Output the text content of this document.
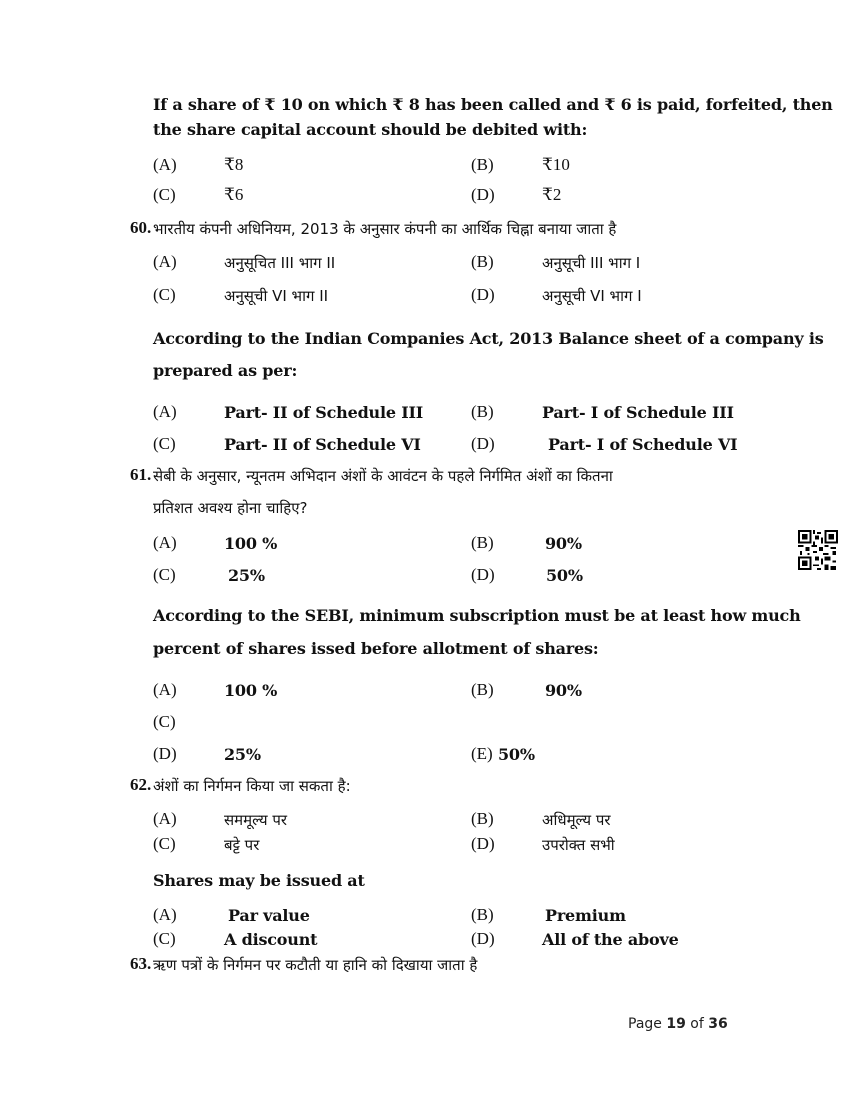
If a share of ₹ 10 on which ₹ 8 has been called and ₹ 6 is paid, forfeited, then
the share capital account should be debited with:
(A)	₹8	(B)	₹10
(C)	₹6	(D)	₹2
60. भारतीय कंपनी अधिनियम, 2013 के अनुसार कंपनी का आर्थिक चिह्ना बनाया जाता है
(A)	अनुसूचित III भाग II	(B)	अनुसूची III भाग I
(C)	अनुसूची VI भाग II	(D)	अनुसूची VI भाग I
According to the Indian Companies Act, 2013 Balance sheet of a company is
prepared as per:
(A)	Part- II of Schedule III	(B)	Part- I of Schedule III
(C)	Part- II of Schedule VI	(D)	Part- I of Schedule VI
61. सेबी के अनुसार, न्यूनतम अभिदान अंशों के आवंटन के पहले निर्गमित अंशों का कितना
प्रतिशत अवश्य होना चाहिए?
(A)	100 %	(B)	90%
(C)	25%	(D)	50%
According to the SEBI, minimum subscription must be at least how much
percent of shares issed before allotment of shares:
(A)	100 %	(B)	90%
(C)
(D)	25%	(E) 50%
62. अंशों का निर्गमन किया जा सकता है:
(A)	सममूल्य पर	(B)	अधिमूल्य पर
(C)	बट्टे पर	(D)	उपरोक्त सभी
Shares may be issued at
(A)	Par value	(B)	Premium
(C)	A discount	(D)	All of the above
63. ऋण पत्रों के निर्गमन पर कटौती या हानि को दिखाया जाता है
Page 19 of 36
